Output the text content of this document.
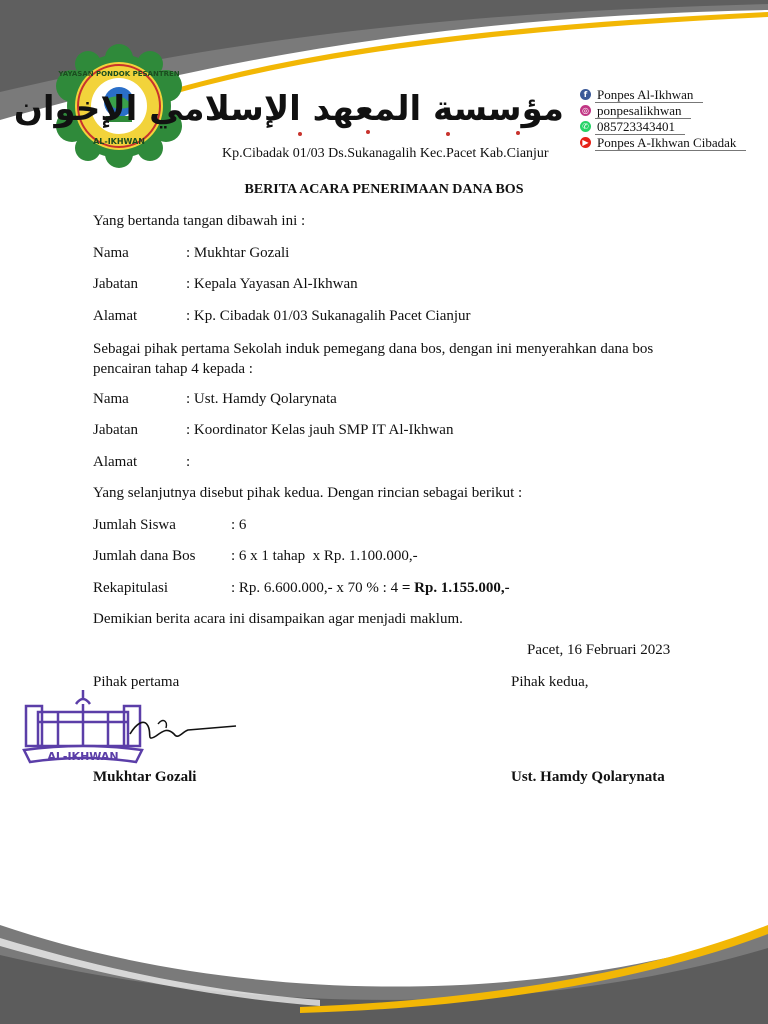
YAYASAN PONDOK PESANTREN
AL-IKHWAN
مؤسسة المعهد الإسلامي الإخوان
Kp.Cibadak 01/03 Ds.Sukanagalih Kec.Pacet Kab.Cianjur
f Ponpes Al-Ikhwan
◎ ponpesalikhwan
✆ 085723343401
▶ Ponpes A-Ikhwan Cibadak
BERITA ACARA PENERIMAAN DANA BOS
Yang bertanda tangan dibawah ini :
Nama	: Mukhtar Gozali
Jabatan	: Kepala Yayasan Al-Ikhwan
Alamat	: Kp. Cibadak 01/03 Sukanagalih Pacet Cianjur
Sebagai pihak pertama Sekolah induk pemegang dana bos, dengan ini menyerahkan dana bos pencairan tahap 4 kepada :
Nama	: Ust. Hamdy Qolarynata
Jabatan	: Koordinator Kelas jauh SMP IT Al-Ikhwan
Alamat	:
Yang selanjutnya disebut pihak kedua. Dengan rincian sebagai berikut :
Jumlah Siswa	: 6
Jumlah dana Bos : 6 x 1 tahap  x Rp. 1.100.000,-
Rekapitulasi	: Rp. 6.600.000,- x 70 % : 4 = Rp. 1.155.000,-
Demikian berita acara ini disampaikan agar menjadi maklum.
Pacet, 16 Februari 2023
Pihak pertama	Pihak kedua,
AL-IKHWAN
Mukhtar Gozali	Ust. Hamdy Qolarynata
